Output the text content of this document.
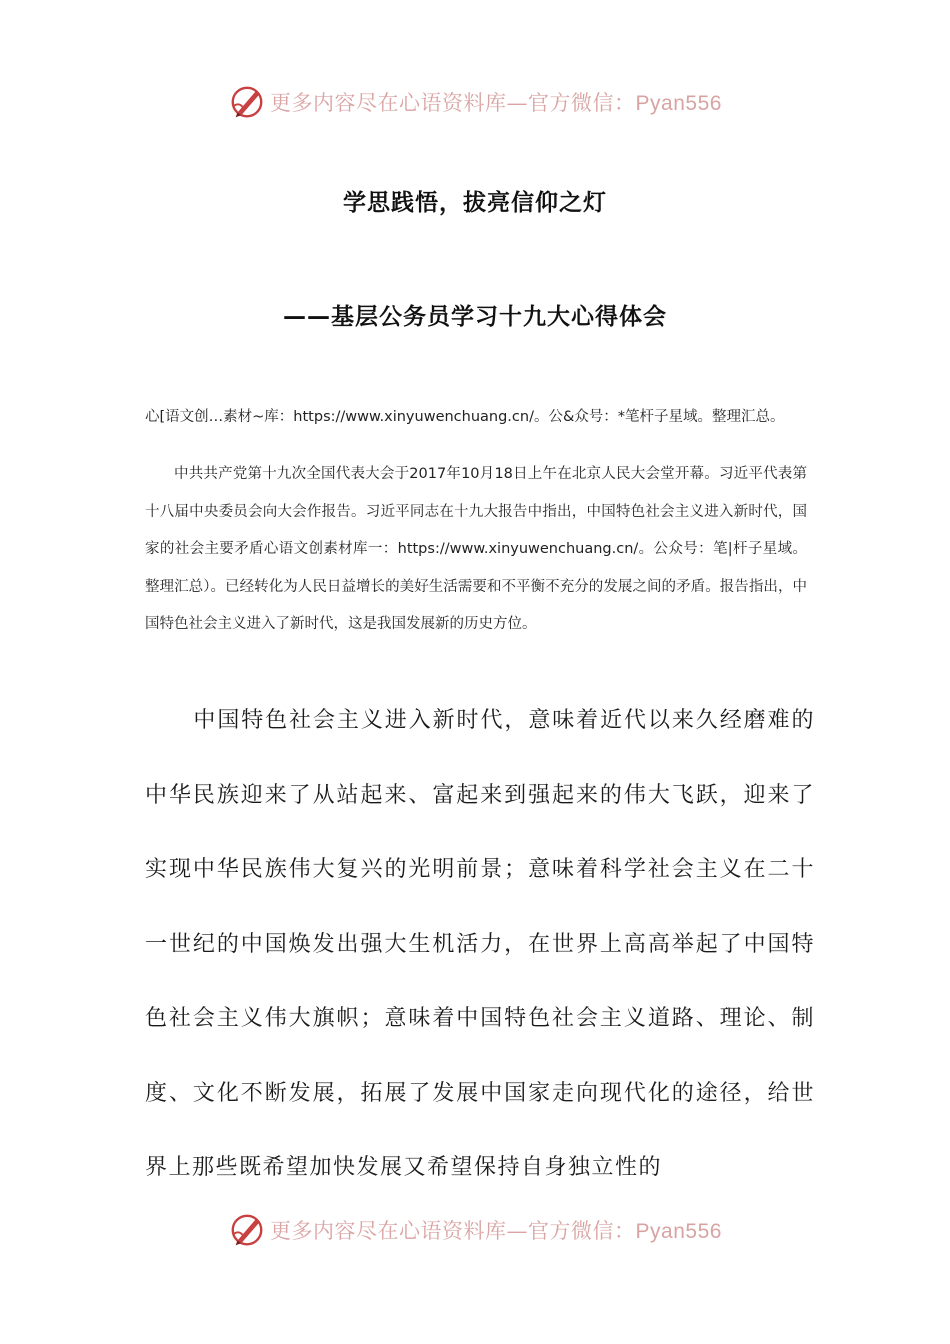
更多内容尽在心语资料库—官方微信：Pyan556
学思践悟，拔亮信仰之灯
——基层公务员学习十九大心得体会
心[语文创…素材~库：https://www.xinyuwenchuang.cn/。公&众号：*笔杆子星域。整理汇总。
中共共产党第十九次全国代表大会于2017年10月18日上午在北京人民大会堂开幕。习近平代表第十八届中央委员会向大会作报告。习近平同志在十九大报告中指出，中国特色社会主义进入新时代，国家的社会主要矛盾心语文创素材库一：https://www.xinyuwenchuang.cn/。公众号：笔|杆子星域。整理汇总）。已经转化为人民日益增长的美好生活需要和不平衡不充分的发展之间的矛盾。报告指出，中国特色社会主义进入了新时代，这是我国发展新的历史方位。
中国特色社会主义进入新时代，意味着近代以来久经磨难的中华民族迎来了从站起来、富起来到强起来的伟大飞跃，迎来了实现中华民族伟大复兴的光明前景；意味着科学社会主义在二十一世纪的中国焕发出强大生机活力，在世界上高高举起了中国特色社会主义伟大旗帜；意味着中国特色社会主义道路、理论、制度、文化不断发展，拓展了发展中国家走向现代化的途径，给世界上那些既希望加快发展又希望保持自身独立性的
更多内容尽在心语资料库—官方微信：Pyan556
